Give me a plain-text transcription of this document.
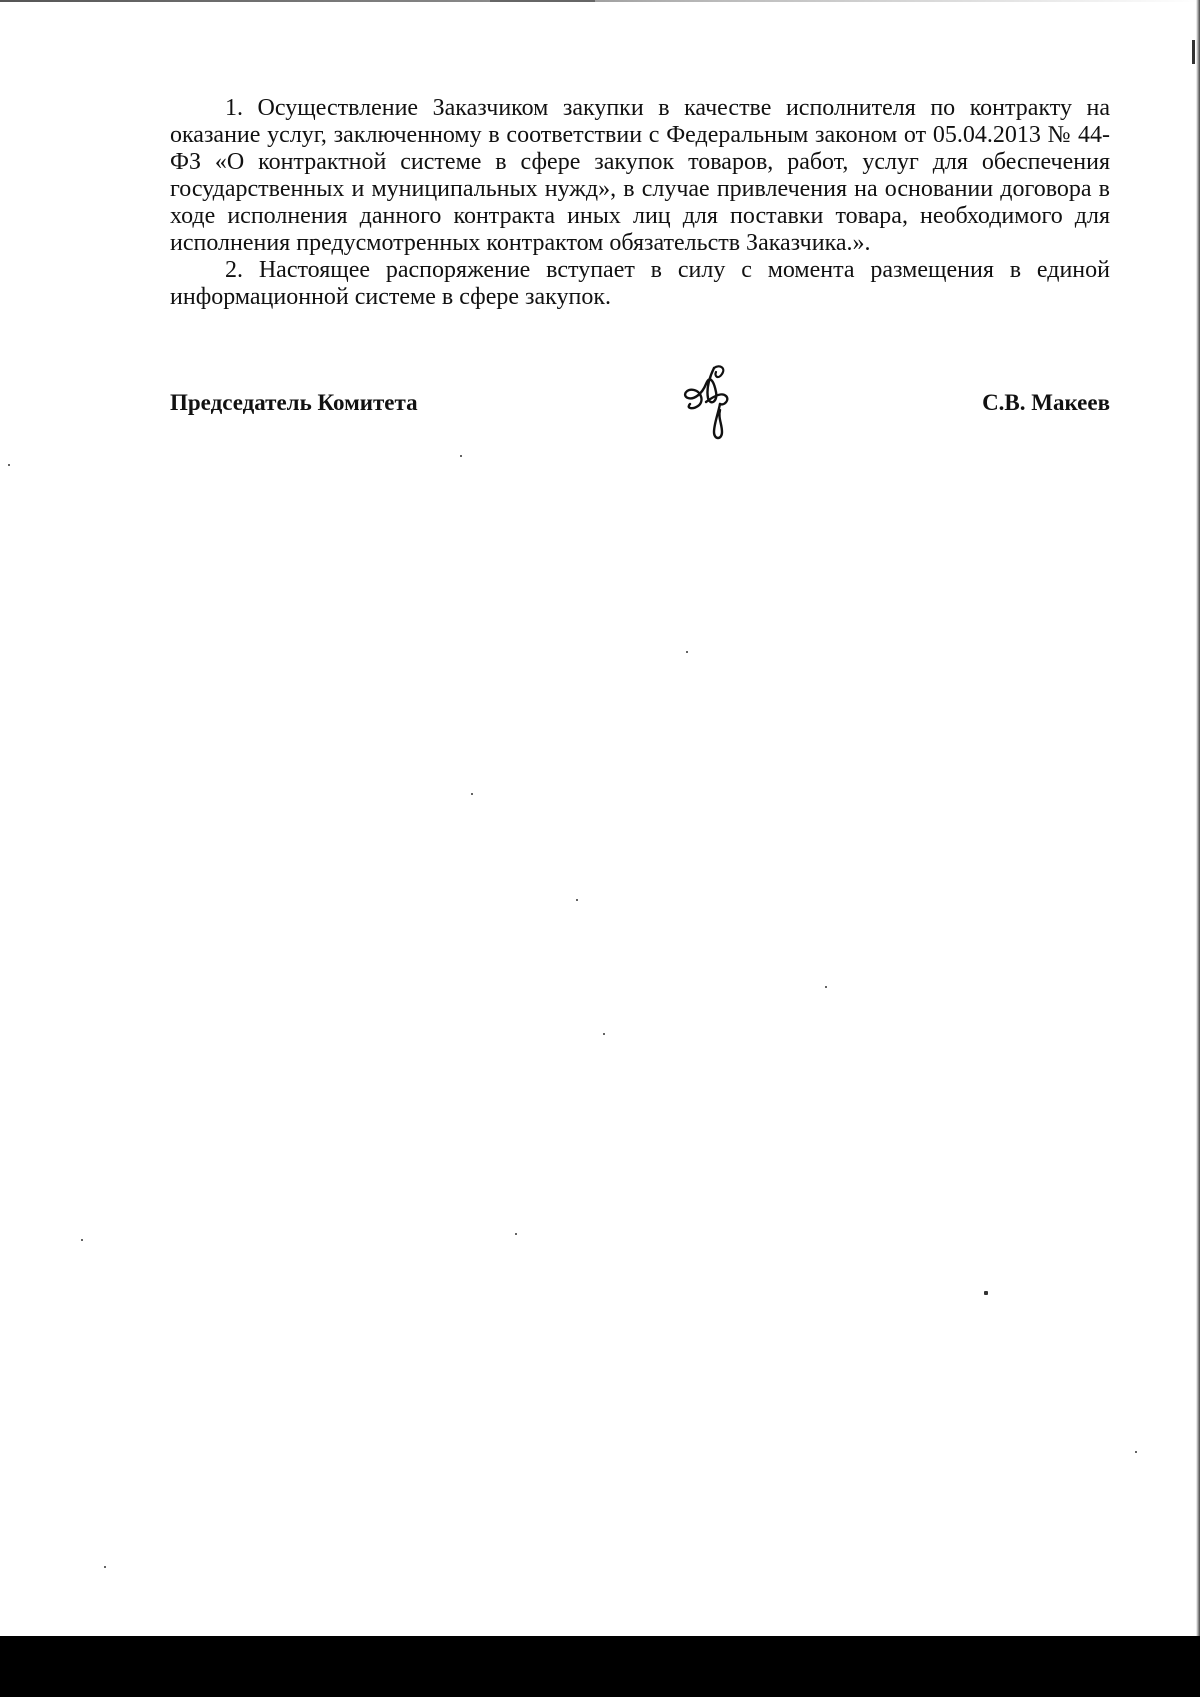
1. Осуществление Заказчиком закупки в качестве исполнителя по контракту на оказание услуг, заключенному в соответствии с Федеральным законом от 05.04.2013 № 44-ФЗ «О контрактной системе в сфере закупок товаров, работ, услуг для обеспечения государственных и муниципальных нужд», в случае привлечения на основании договора в ходе исполнения данного контракта иных лиц для поставки товара, необходимого для исполнения предусмотренных контрактом обязательств Заказчика.».

2. Настоящее распоряжение вступает в силу с момента размещения в единой информационной системе в сфере закупок.

Председатель Комитета	С.В. Макеев
